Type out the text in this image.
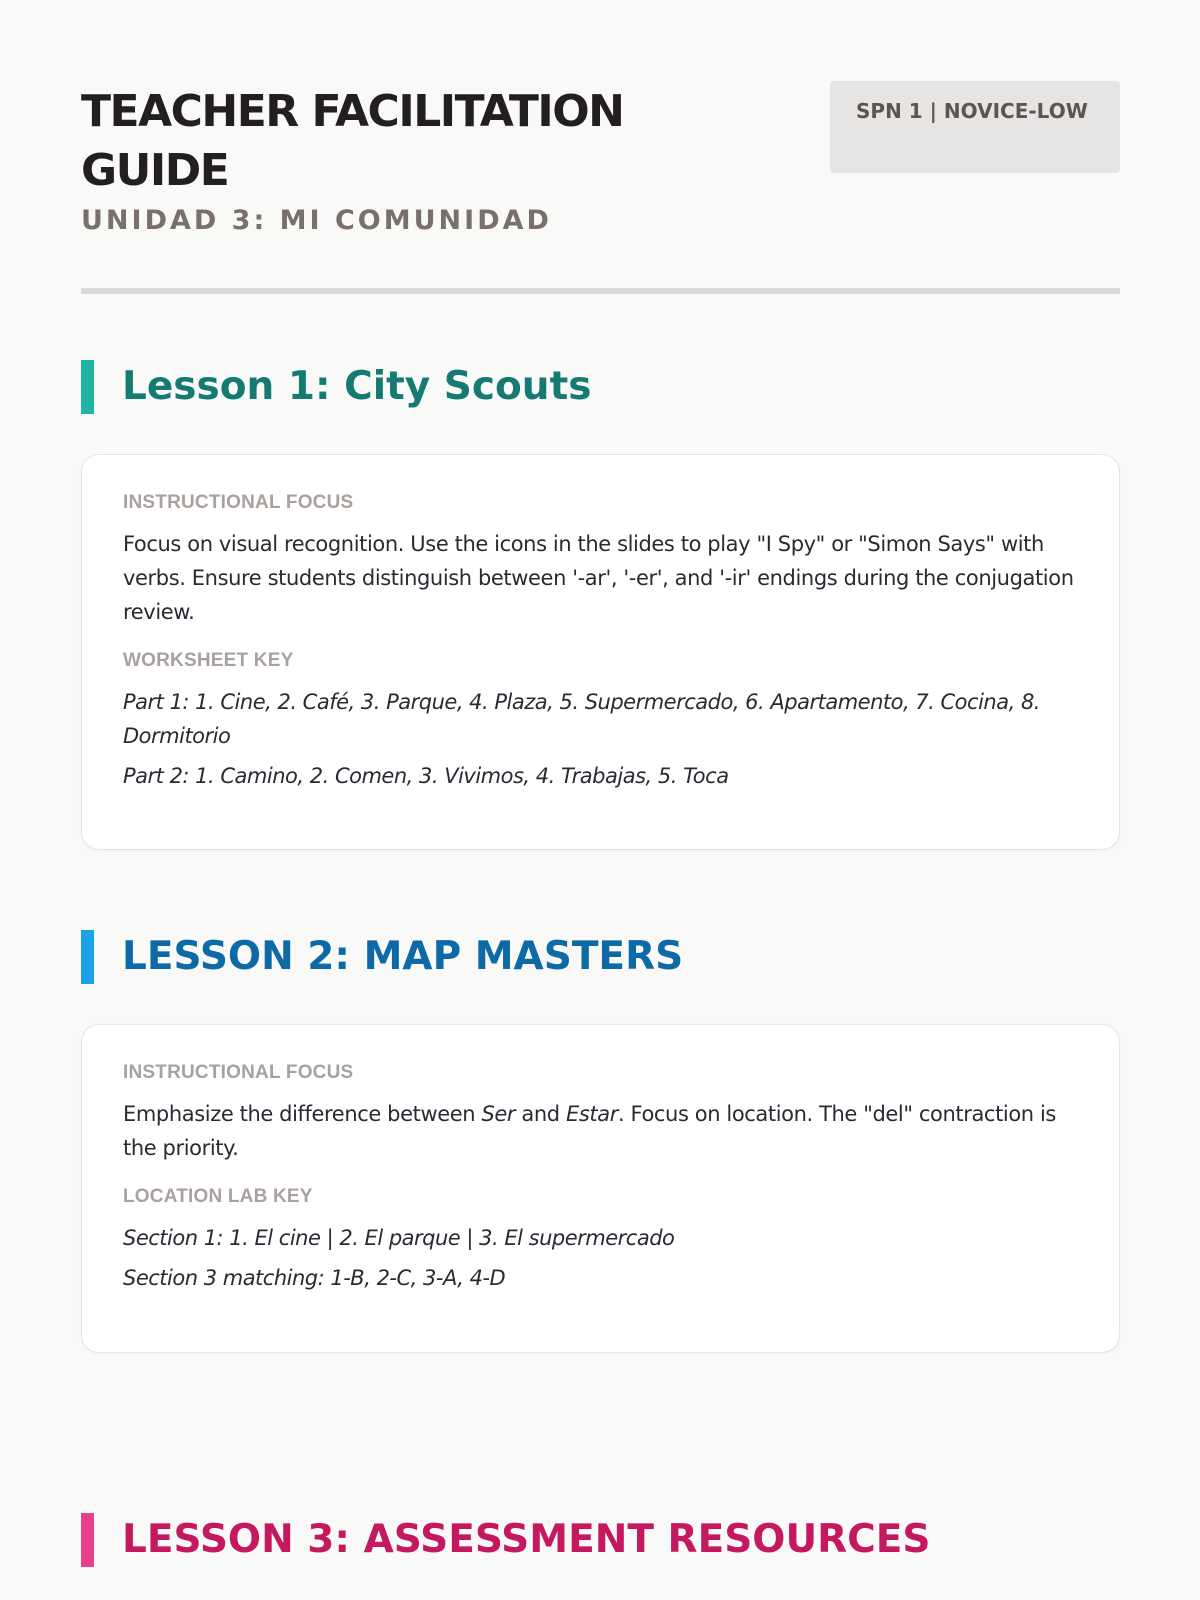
TEACHER FACILITATION GUIDE
UNIDAD 3: MI COMUNIDAD
SPN 1 | NOVICE-LOW
Lesson 1: City Scouts

INSTRUCTIONAL FOCUS

Focus on visual recognition. Use the icons in the slides to play "I Spy" or "Simon Says" with verbs. Ensure students distinguish between '-ar', '-er', and '-ir' endings during the conjugation review.

WORKSHEET KEY

Part 1: 1. Cine, 2. Café, 3. Parque, 4. Plaza, 5. Supermercado, 6. Apartamento, 7. Cocina, 8. Dormitorio

Part 2: 1. Camino, 2. Comen, 3. Vivimos, 4. Trabajas, 5. Toca

LESSON 2: MAP MASTERS

INSTRUCTIONAL FOCUS

Emphasize the difference between Ser and Estar. Focus on location. The "del" contraction is the priority.

LOCATION LAB KEY

Section 1: 1. El cine | 2. El parque | 3. El supermercado

Section 3 matching: 1-B, 2-C, 3-A, 4-D

LESSON 3: ASSESSMENT RESOURCES
